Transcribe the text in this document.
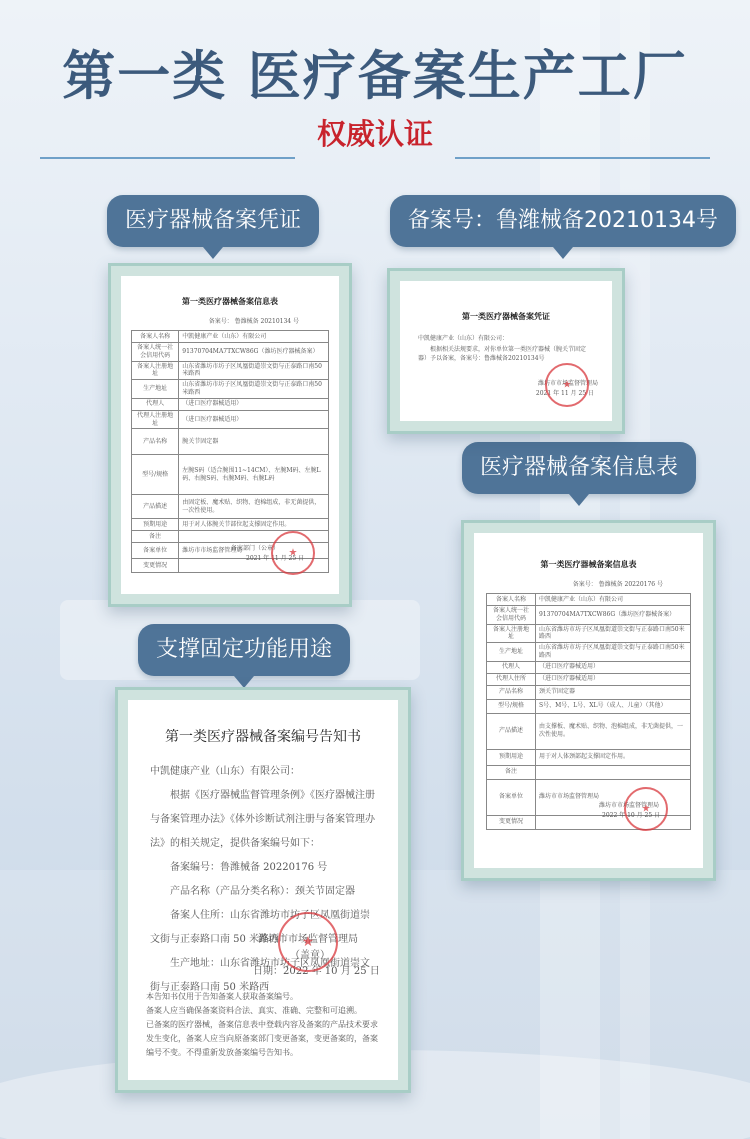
第一类 医疗备案生产工厂
权威认证
医疗器械备案凭证	备案号：鲁潍械备20210134号
医疗器械备案信息表
支撑固定功能用途
第一类医疗器械备案信息表
备案号： 鲁潍械备 20210134 号
备案人名称	中凯健康产业（山东）有限公司
备案人统一社会信用代码	91370704MA7TXCW86G（潍坊医疗器械备案）
备案人注册地址	山东省潍坊市坊子区凤凰街道崇文街与正泰路口南50米路西
生产地址	山东省潍坊市坊子区凤凰街道崇文街与正泰路口南50米路西
代理人	（进口医疗器械适用）
代理人注册地址	（进口医疗器械适用）
产品名称	腕关节固定器
型号/规格	左腕S码（适合腕围11~14CM）、左腕M码、左腕L码、右腕S码、右腕M码、右腕L码
产品描述	由固定板、魔术贴、织物、泡棉组成，非无菌提供，一次性使用。
预期用途	用于对人体腕关节部位起支撑固定作用。
备注	
备案单位	潍坊市市场监督管理局
变更情况	
备案部门（公章）
2021 年 11 月 25 日
★
第一类医疗器械备案凭证
中凯健康产业（山东）有限公司：
根据相关法规要求，对你单位第一类医疗器械（腕关节固定器）予以备案，备案号：鲁潍械备20210134号
潍坊市市场监督管理局
2021 年 11 月 25 日
★
第一类医疗器械备案编号告知书

中凯健康产业（山东）有限公司：

根据《医疗器械监督管理条例》《医疗器械注册与备案管理办法》《体外诊断试剂注册与备案管理办法》的相关规定，提供备案编号如下：

备案编号：鲁潍械备 20220176 号

产品名称（产品分类名称）：颈关节固定器

备案人住所：山东省潍坊市坊子区凤凰街道崇文街与正泰路口南 50 米路西

生产地址：山东省潍坊市坊子区凤凰街道崇文街与正泰路口南 50 米路西

潍坊市市场监督管理局
（盖章）
日期：2022 年 10 月 25 日
★
本告知书仅用于告知备案人获取备案编号。
备案人应当确保备案资料合法、真实、准确、完整和可追溯。
已备案的医疗器械，备案信息表中登载内容及备案的产品技术要求发生变化，备案人应当向原备案部门变更备案，变更备案的，备案编号不变。不得重新发放备案编号告知书。
第一类医疗器械备案信息表
备案号： 鲁潍械备 20220176 号
备案人名称	中凯健康产业（山东）有限公司
备案人统一社会信用代码	91370704MA7TXCW86G（潍坊医疗器械备案）
备案人注册地址	山东省潍坊市坊子区凤凰街道崇文街与正泰路口南50米路西
生产地址	山东省潍坊市坊子区凤凰街道崇文街与正泰路口南50米路西
代理人	（进口医疗器械适用）
代理人住所	（进口医疗器械适用）
产品名称	颈关节固定器
型号/规格	S号、M号、L号、XL号（成人、儿童）（其他）
产品描述	由支撑板、魔术贴、织物、泡棉组成，非无菌提供，一次性使用。
预期用途	用于对人体颈部起支撑固定作用。
备注	
备案单位	潍坊市市场监督管理局
变更情况	
潍坊市市场监督管理局
2022 年 10 月 25 日
★
